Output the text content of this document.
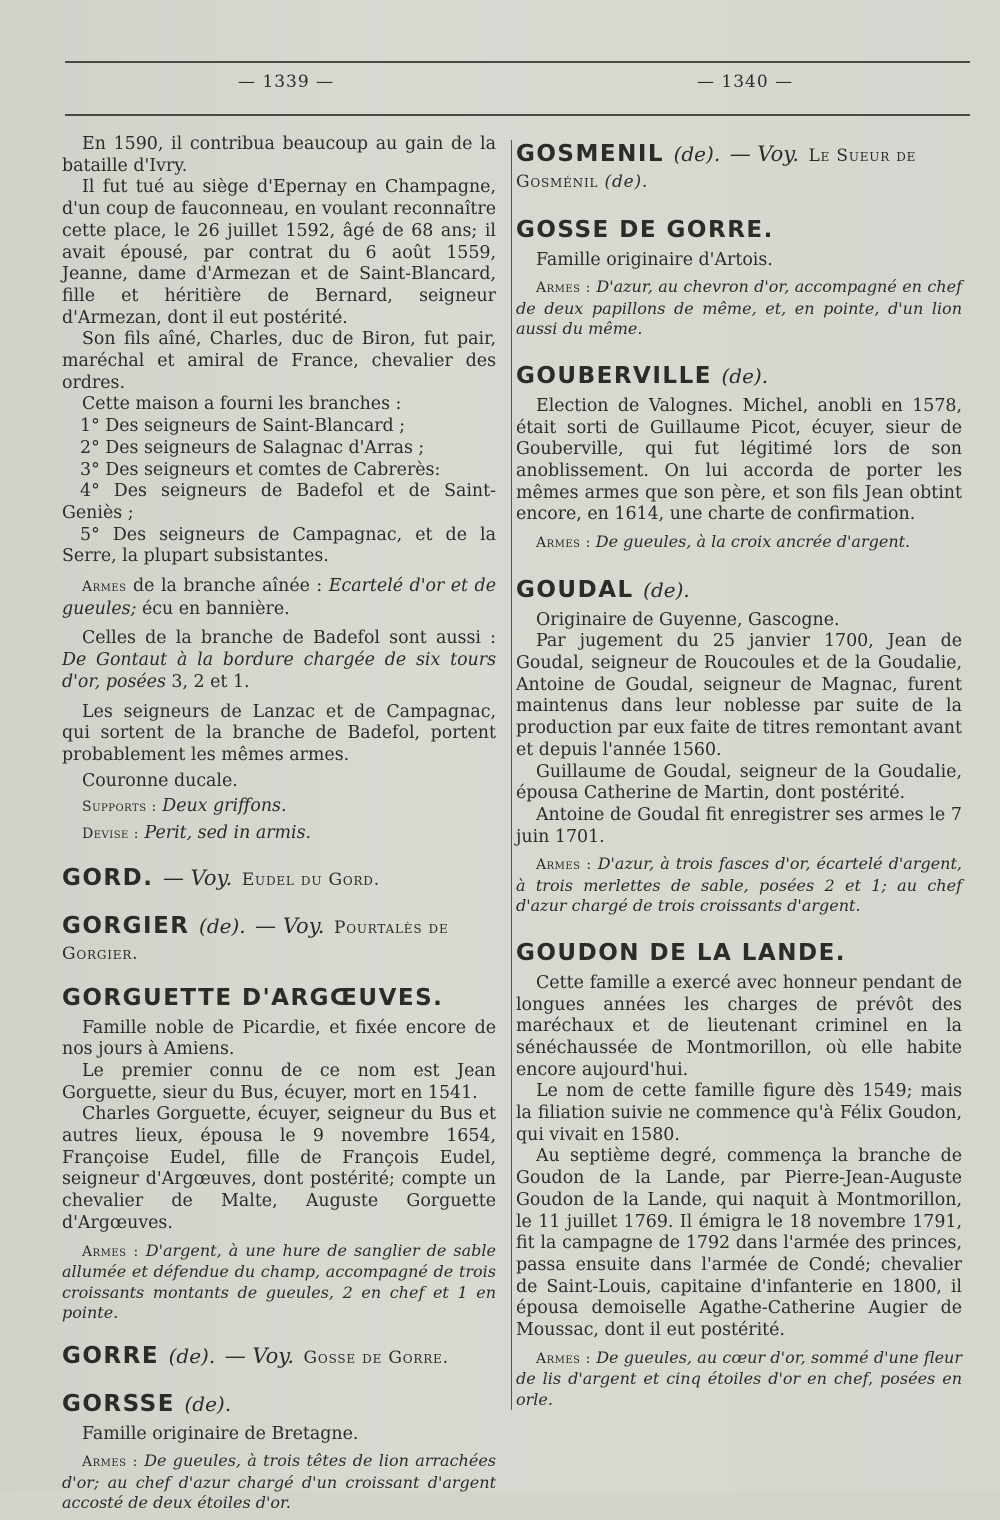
— 1339 —	— 1340 —

En 1590, il contribua beaucoup au gain de la bataille d'Ivry.

Il fut tué au siège d'Epernay en Champagne, d'un coup de fauconneau, en voulant reconnaître cette place, le 26 juillet 1592, âgé de 68 ans; il avait épousé, par contrat du 6 août 1559, Jeanne, dame d'Armezan et de Saint-Blancard, fille et héritière de Bernard, seigneur d'Armezan, dont il eut postérité.

Son fils aîné, Charles, duc de Biron, fut pair, maréchal et amiral de France, chevalier des ordres.

Cette maison a fourni les branches :

1° Des seigneurs de Saint-Blancard ;

2° Des seigneurs de Salagnac d'Arras ;

3° Des seigneurs et comtes de Cabrerès:

4° Des seigneurs de Badefol et de Saint-Geniès ;

5° Des seigneurs de Campagnac, et de la Serre, la plupart subsistantes.

Armes de la branche aînée : Ecartelé d'or et de gueules; écu en bannière.

Celles de la branche de Badefol sont aussi : De Gontaut à la bordure chargée de six tours d'or, posées 3, 2 et 1.

Les seigneurs de Lanzac et de Campagnac, qui sortent de la branche de Badefol, portent probablement les mêmes armes.

Couronne ducale.

Supports : Deux griffons.

Devise : Perit, sed in armis.

GORD. — Voy. Eudel du Gord.
GORGIER (de). — Voy. Pourtalès de
Gorgier.
GORGUETTE D'ARGŒUVES.

Famille noble de Picardie, et fixée encore de nos jours à Amiens.

Le premier connu de ce nom est Jean Gorguette, sieur du Bus, écuyer, mort en 1541.

Charles Gorguette, écuyer, seigneur du Bus et autres lieux, épousa le 9 novembre 1654, Françoise Eudel, fille de François Eudel, seigneur d'Argœuves, dont postérité; compte un chevalier de Malte, Auguste Gorguette d'Argœuves.

Armes : D'argent, à une hure de sanglier de sable allumée et défendue du champ, accompagné de trois croissants montants de gueules, 2 en chef et 1 en pointe.

GORRE (de). — Voy. Gosse de Gorre.
GORSSE (de).

Famille originaire de Bretagne.

Armes : De gueules, à trois têtes de lion arrachées d'or; au chef d'azur chargé d'un croissant d'argent accosté de deux étoiles d'or.

GOSMENIL (de). — Voy. Le Sueur de
Gosménil (de).
GOSSE DE GORRE.

Famille originaire d'Artois.

Armes : D'azur, au chevron d'or, accompagné en chef de deux papillons de même, et, en pointe, d'un lion aussi du même.

GOUBERVILLE (de).

Election de Valognes. Michel, anobli en 1578, était sorti de Guillaume Picot, écuyer, sieur de Gouberville, qui fut légitimé lors de son anoblissement. On lui accorda de porter les mêmes armes que son père, et son fils Jean obtint encore, en 1614, une charte de confirmation.

Armes : De gueules, à la croix ancrée d'argent.

GOUDAL (de).

Originaire de Guyenne, Gascogne.

Par jugement du 25 janvier 1700, Jean de Goudal, seigneur de Roucoules et de la Goudalie, Antoine de Goudal, seigneur de Magnac, furent maintenus dans leur noblesse par suite de la production par eux faite de titres remontant avant et depuis l'année 1560.

Guillaume de Goudal, seigneur de la Goudalie, épousa Catherine de Martin, dont postérité.

Antoine de Goudal fit enregistrer ses armes le 7 juin 1701.

Armes : D'azur, à trois fasces d'or, écartelé d'argent, à trois merlettes de sable, posées 2 et 1; au chef d'azur chargé de trois croissants d'argent.

GOUDON DE LA LANDE.

Cette famille a exercé avec honneur pendant de longues années les charges de prévôt des maréchaux et de lieutenant criminel en la sénéchaussée de Montmorillon, où elle habite encore aujourd'hui.

Le nom de cette famille figure dès 1549; mais la filiation suivie ne commence qu'à Félix Goudon, qui vivait en 1580.

Au septième degré, commença la branche de Goudon de la Lande, par Pierre-Jean-Auguste Goudon de la Lande, qui naquit à Montmorillon, le 11 juillet 1769. Il émigra le 18 novembre 1791, fit la campagne de 1792 dans l'armée des princes, passa ensuite dans l'armée de Condé; chevalier de Saint-Louis, capitaine d'infanterie en 1800, il épousa demoiselle Agathe-Catherine Augier de Moussac, dont il eut postérité.

Armes : De gueules, au cœur d'or, sommé d'une fleur de lis d'argent et cinq étoiles d'or en chef, posées en orle.
